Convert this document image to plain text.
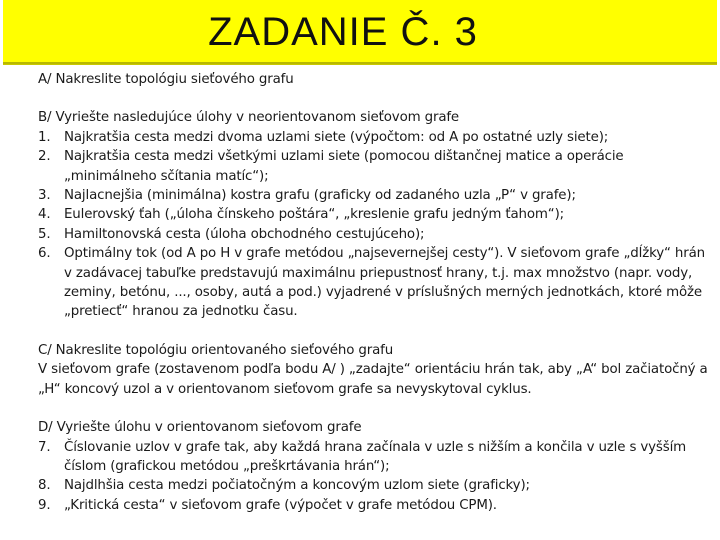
ZADANIE Č. 3

A/ Nakreslite topológiu sieťového grafu

B/ Vyriešte nasledujúce úlohy v neorientovanom sieťovom grafe

1.	Najkratšia cesta medzi dvoma uzlami siete (výpočtom: od A po ostatné uzly siete);
2.	Najkratšia cesta medzi všetkými uzlami siete (pomocou dištančnej matice a operácie „minimálneho sčítania matíc“);
3.	Najlacnejšia (minimálna) kostra grafu (graficky od zadaného uzla „P“ v grafe);
4.	Eulerovský ťah („úloha čínskeho poštára“, „kreslenie grafu jedným ťahom“);
5.	Hamiltonovská cesta (úloha obchodného cestujúceho);
6.	Optimálny tok (od A po H v grafe metódou „najsevernejšej cesty“). V sieťovom grafe „dĺžky“ hrán v zadávacej tabuľke predstavujú maximálnu priepustnosť hrany, t.j. max množstvo (napr. vody, zeminy, betónu, ..., osoby, autá a pod.) vyjadrené v príslušných merných jednotkách, ktoré môže „pretiecť“ hranou za jednotku času.

C/ Nakreslite topológiu orientovaného sieťového grafu

V sieťovom grafe (zostavenom podľa bodu A/ ) „zadajte“ orientáciu hrán tak, aby „A“ bol začiatočný a „H“ koncový uzol a v orientovanom sieťovom grafe sa nevyskytoval cyklus.

D/ Vyriešte úlohu v orientovanom sieťovom grafe

7.	Číslovanie uzlov v grafe tak, aby každá hrana začínala v uzle s nižším a končila v uzle s vyšším číslom (grafickou metódou „preškrtávania hrán“);
8.	Najdlhšia cesta medzi počiatočným a koncovým uzlom siete (graficky);
9.	„Kritická cesta“ v sieťovom grafe (výpočet v grafe metódou CPM).
